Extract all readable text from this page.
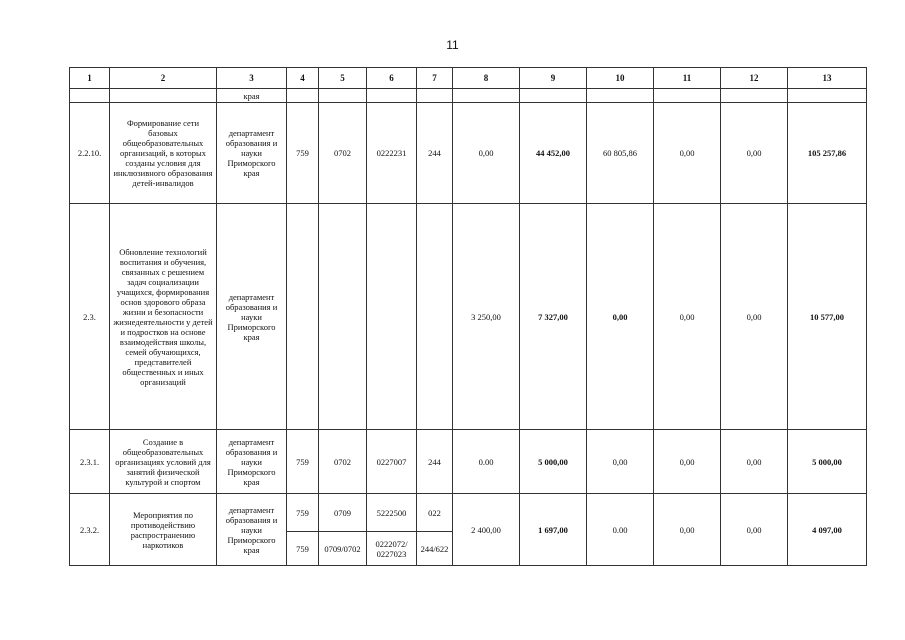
11
1	2	3	4	5	6	7	8	9	10	11	12	13
		края										
2.2.10.	Формирование сети базовых общеобразовательных организаций, в которых созданы условия для инклюзивного образования детей-инвалидов	департамент образования и науки Приморского края	759	0702	0222231	244	0,00	44 452,00	60 805,86	0,00	0,00	105 257,86
2.3.	Обновление технологий воспитания и обучения, связанных с решением задач социализации учащихся, формирования основ здорового образа жизни и безопасности жизнедеятельности у детей и подростков на основе взаимодействия школы, семей обучающихся, представителей общественных и иных организаций	департамент образования и науки Приморского края					3 250,00	7 327,00	0,00	0,00	0,00	10 577,00
2.3.1.	Создание в общеобразовательных организациях условий для занятий физической культурой и спортом	департамент образования и науки Приморского края	759	0702	0227007	244	0.00	5 000,00	0,00	0,00	0,00	5 000,00
2.3.2.	Мероприятия по противодействию распространению наркотиков	департамент образования и науки Приморского края	759	0709	5222500	022	2 400,00	1 697,00	0.00	0,00	0,00	4 097,00
			759	0709/0702	0222072/ 0227023	244/622						
